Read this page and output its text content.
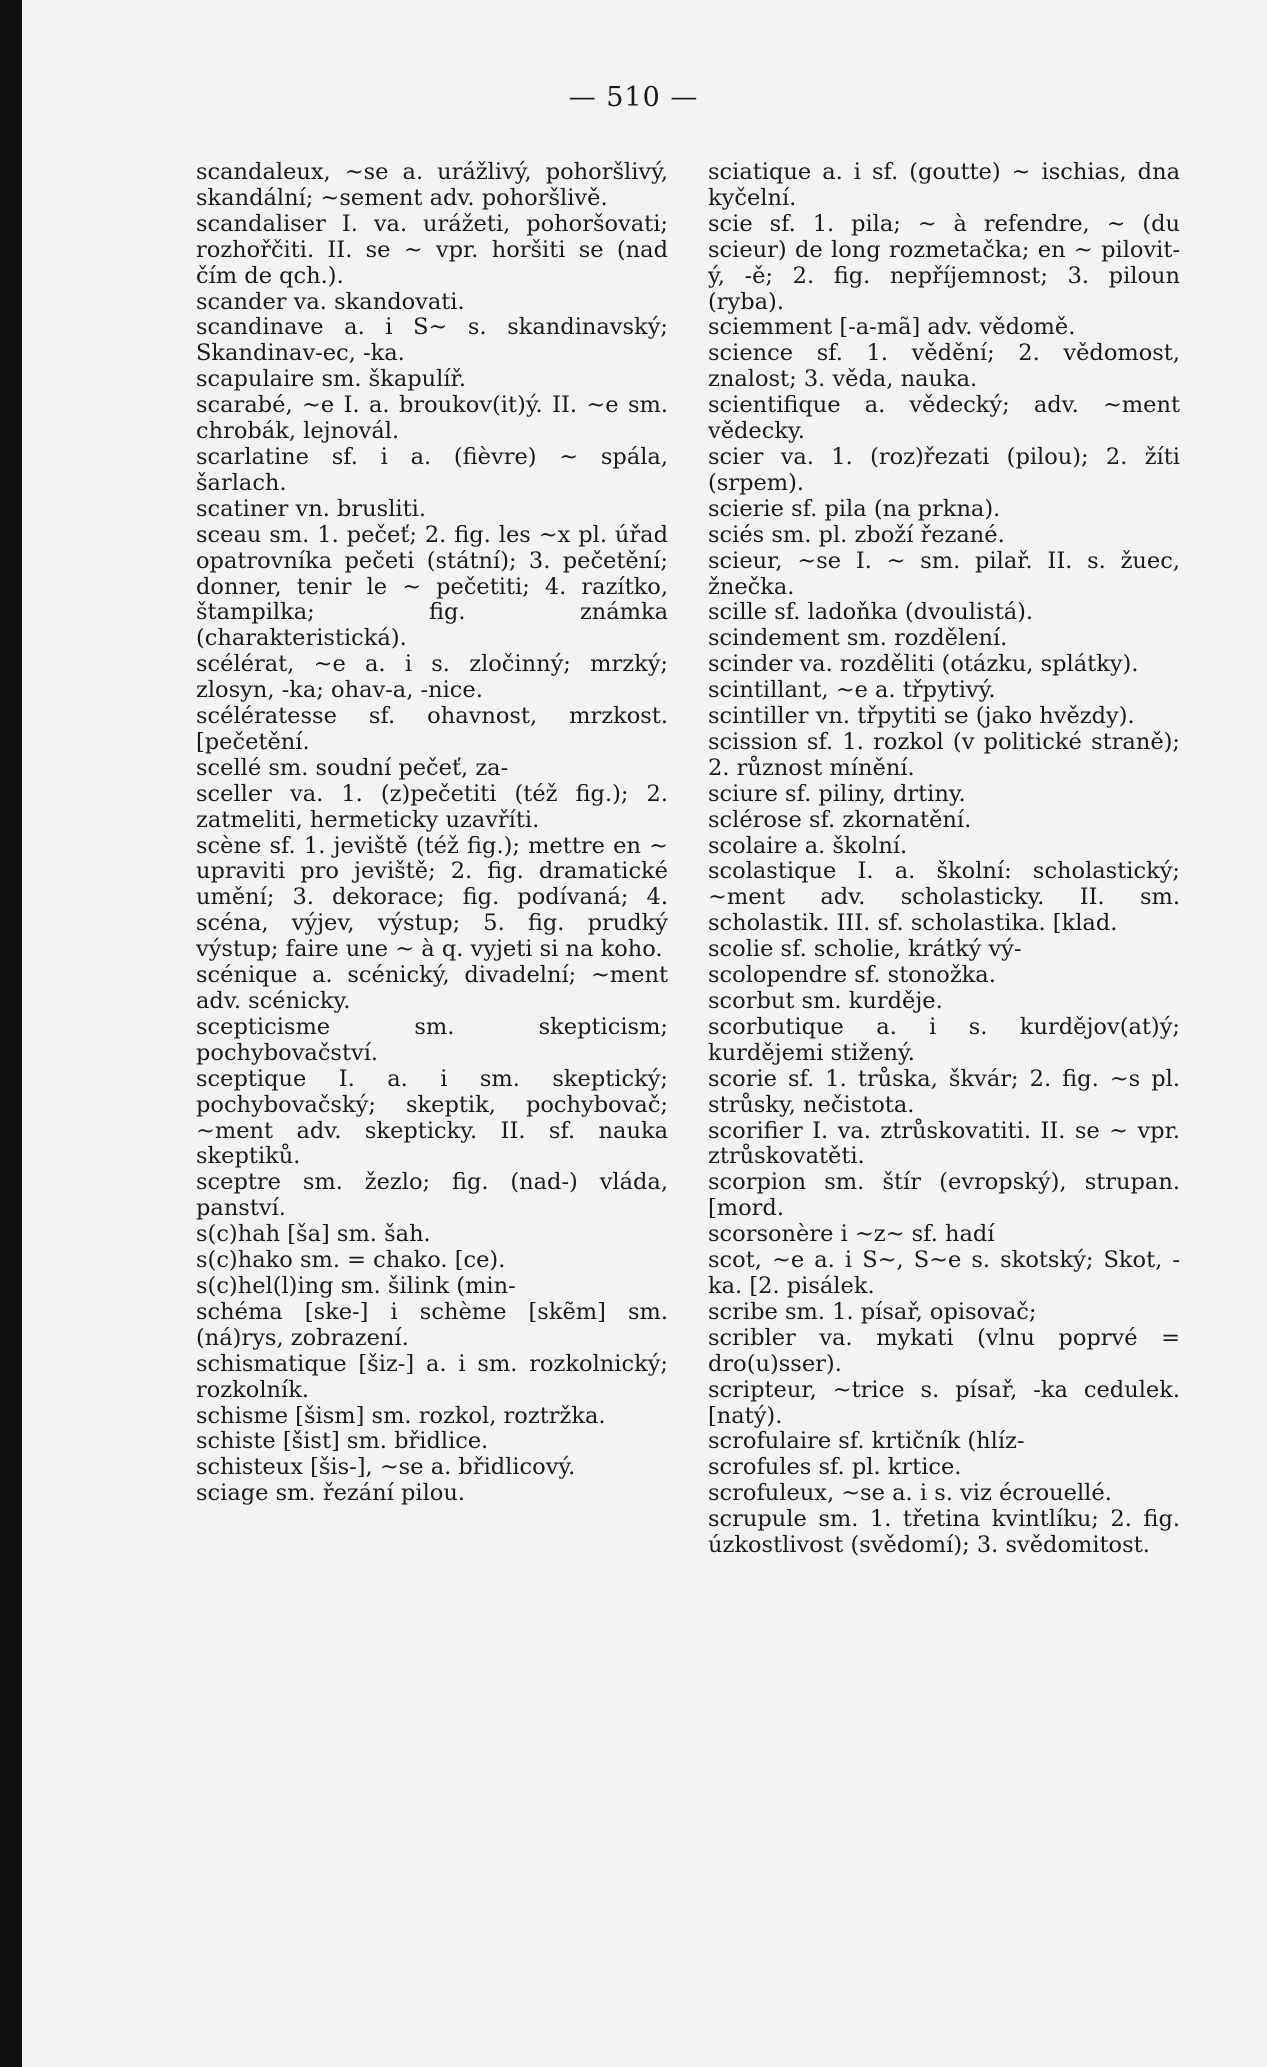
— 510 —

scandaleux, ~se a. urážlivý, pohoršlivý, skandální; ~sement adv. pohoršlivě.

scandaliser I. va. urážeti, pohoršovati; rozhořčiti. II. se ~ vpr. horšiti se (nad čím de qch.).

scander va. skandovati.

scandinave a. i S~ s. skandinavský; Skandinav-ec, -ka.

scapulaire sm. škapulíř.

scarabé, ~e I. a. broukov(it)ý. II. ~e sm. chrobák, lejnovál.

scarlatine sf. i a. (fièvre) ~ spála, šarlach.

scatiner vn. brusliti.

sceau sm. 1. pečeť; 2. fig. les ~x pl. úřad opatrovníka pečeti (státní); 3. pečetění; donner, tenir le ~ pečetiti; 4. razítko, štampilka; fig. známka (charakteristická).

scélérat, ~e a. i s. zločinný; mrzký; zlosyn, -ka; ohav-a, -nice.

scélératesse sf. ohavnost, mrzkost. [pečetění.

scellé sm. soudní pečeť, za-

sceller va. 1. (z)pečetiti (též fig.); 2. zatmeliti, hermeticky uzavříti.

scène sf. 1. jeviště (též fig.); mettre en ~ upraviti pro jeviště; 2. fig. dramatické umění; 3. dekorace; fig. podívaná; 4. scéna, výjev, výstup; 5. fig. prudký výstup; faire une ~ à q. vyjeti si na koho.

scénique a. scénický, divadelní; ~ment adv. scénicky.

scepticisme sm. skepticism; pochybovačství.

sceptique I. a. i sm. skeptický; pochybovačský; skeptik, pochybovač; ~ment adv. skepticky. II. sf. nauka skeptiků.

sceptre sm. žezlo; fig. (nad-) vláda, panství.

s(c)hah [ša] sm. šah.

s(c)hako sm. = chako. [ce).

s(c)hel(l)ing sm. šilink (min-

schéma [ske-] i schème [skẽm] sm. (ná)rys, zobrazení.

schismatique [šiz-] a. i sm. rozkolnický; rozkolník.

schisme [šism] sm. rozkol, roztržka.

schiste [šist] sm. břidlice.

schisteux [šis-], ~se a. břidlicový.

sciage sm. řezání pilou.

sciatique a. i sf. (goutte) ~ ischias, dna kyčelní.

scie sf. 1. pila; ~ à refendre, ~ (du scieur) de long rozmetačka; en ~ pilovit-ý, -ě; 2. fig. nepříjemnost; 3. piloun (ryba).

sciemment [-a-mã] adv. vědomě.

science sf. 1. vědění; 2. vědomost, znalost; 3. věda, nauka.

scientifique a. vědecký; adv. ~ment vědecky.

scier va. 1. (roz)řezati (pilou); 2. žíti (srpem).

scierie sf. pila (na prkna).

sciés sm. pl. zboží řezané.

scieur, ~se I. ~ sm. pilař. II. s. žuec, žnečka.

scille sf. ladoňka (dvoulistá).

scindement sm. rozdělení.

scinder va. rozděliti (otázku, splátky).

scintillant, ~e a. třpytivý.

scintiller vn. třpytiti se (jako hvězdy).

scission sf. 1. rozkol (v politické straně); 2. různost mínění.

sciure sf. piliny, drtiny.

sclérose sf. zkornatění.

scolaire a. školní.

scolastique I. a. školní: scholastický; ~ment adv. scholasticky. II. sm. scholastik. III. sf. scholastika. [klad.

scolie sf. scholie, krátký vý-

scolopendre sf. stonožka.

scorbut sm. kurděje.

scorbutique a. i s. kurdějov(at)ý; kurdějemi stižený.

scorie sf. 1. trůska, škvár; 2. fig. ~s pl. strůsky, nečistota.

scorifier I. va. ztrůskovatiti. II. se ~ vpr. ztrůskovatěti.

scorpion sm. štír (evropský), strupan. [mord.

scorsonère i ~z~ sf. hadí

scot, ~e a. i S~, S~e s. skotský; Skot, -ka. [2. pisálek.

scribe sm. 1. písař, opisovač;

scribler va. mykati (vlnu poprvé = dro(u)sser).

scripteur, ~trice s. písař, -ka cedulek. [natý).

scrofulaire sf. krtičník (hlíz-

scrofules sf. pl. krtice.

scrofuleux, ~se a. i s. viz écrouellé.

scrupule sm. 1. třetina kvintlíku; 2. fig. úzkostlivost (svědomí); 3. svědomitost.
